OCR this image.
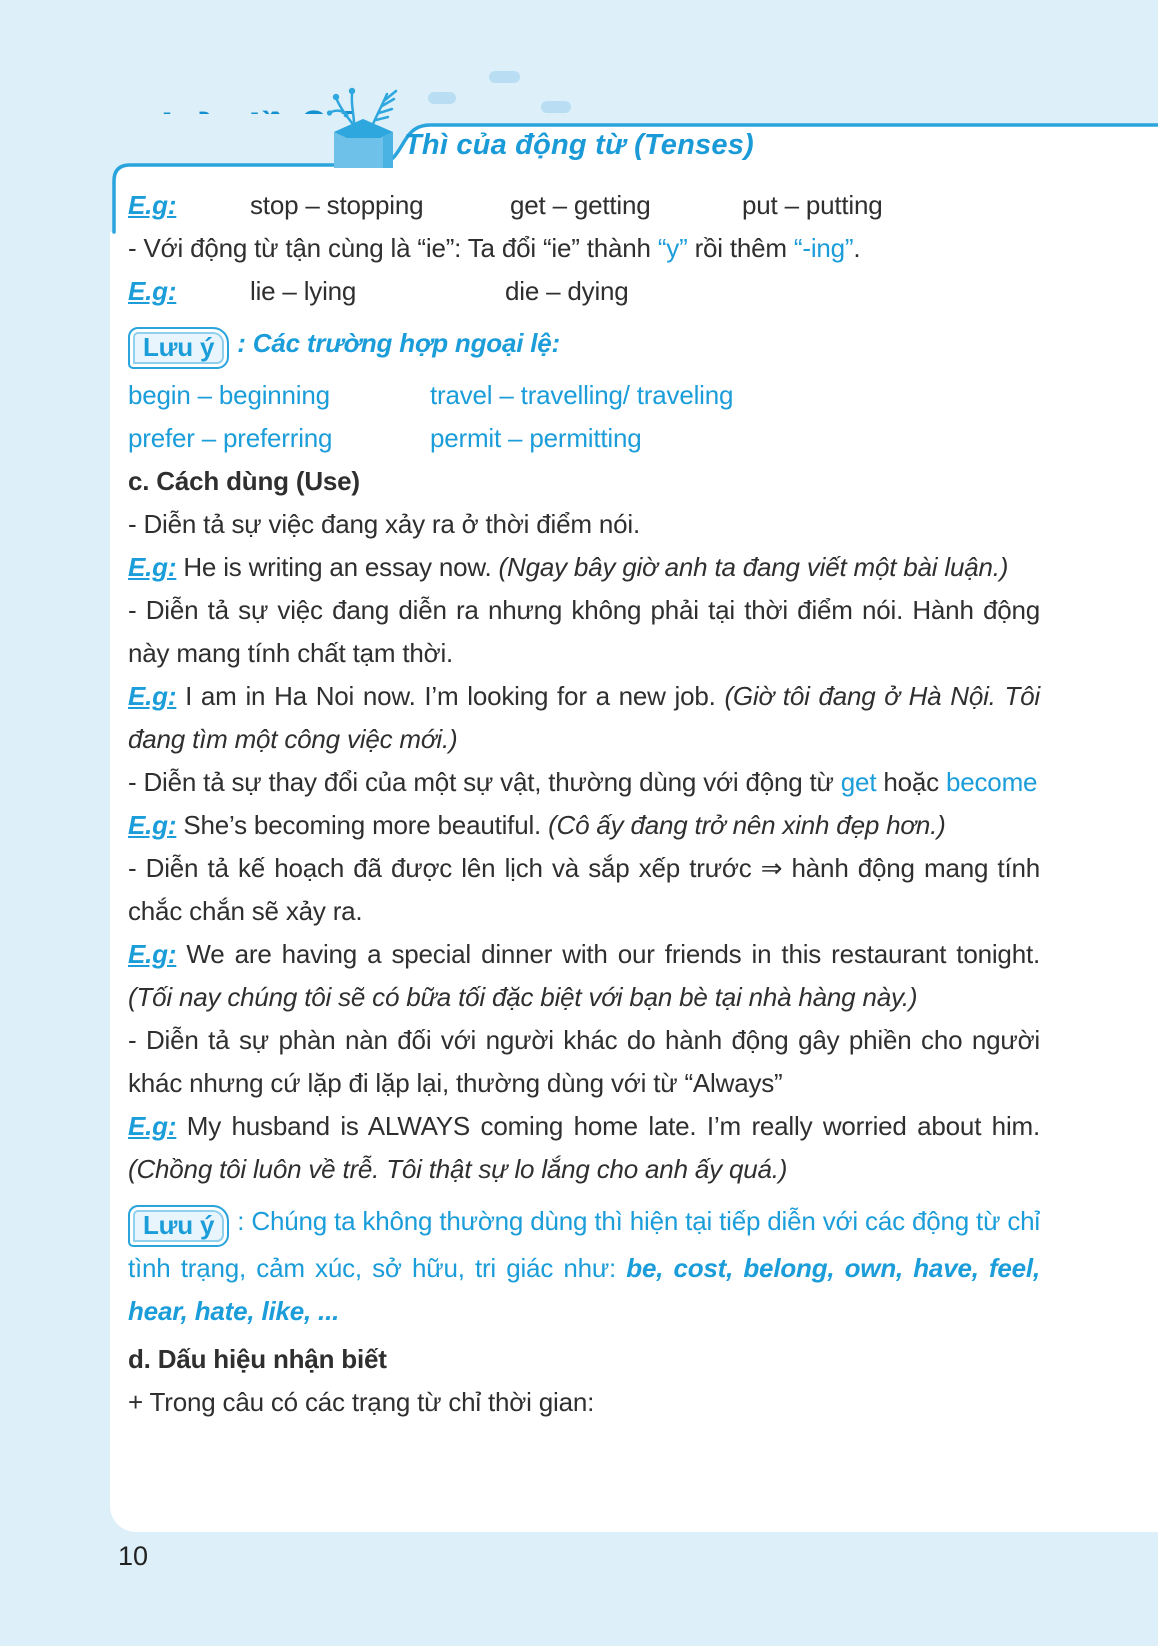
Thì của động từ (Tenses)

E.g:	stop – stopping	get – getting	put – putting

- Với động từ tận cùng là “ie”: Ta đổi “ie” thành “y” rồi thêm “-ing”.

E.g:	lie – lying	die – dying

Lưu ý : Các trường hợp ngoại lệ:

begin – beginning	travel – travelling/ traveling

prefer – preferring	permit – permitting

c. Cách dùng (Use)

- Diễn tả sự việc đang xảy ra ở thời điểm nói.

E.g: He is writing an essay now. (Ngay bây giờ anh ta đang viết một bài luận.)

- Diễn tả sự việc đang diễn ra nhưng không phải tại thời điểm nói. Hành động này mang tính chất tạm thời.

E.g: I am in Ha Noi now. I’m looking for a new job. (Giờ tôi đang ở Hà Nội. Tôi đang tìm một công việc mới.)

- Diễn tả sự thay đổi của một sự vật, thường dùng với động từ get hoặc become

E.g: She’s becoming more beautiful. (Cô ấy đang trở nên xinh đẹp hơn.)

- Diễn tả kế hoạch đã được lên lịch và sắp xếp trước ⇒ hành động mang tính chắc chắn sẽ xảy ra.

E.g: We are having a special dinner with our friends in this restaurant tonight. (Tối nay chúng tôi sẽ có bữa tối đặc biệt với bạn bè tại nhà hàng này.)

- Diễn tả sự phàn nàn đối với người khác do hành động gây phiền cho người khác nhưng cứ lặp đi lặp lại, thường dùng với từ “Always”

E.g: My husband is ALWAYS coming home late. I’m really worried about him. (Chồng tôi luôn về trễ. Tôi thật sự lo lắng cho anh ấy quá.)

Lưu ý : Chúng ta không thường dùng thì hiện tại tiếp diễn với các động từ chỉ tình trạng, cảm xúc, sở hữu, tri giác như: be, cost, belong, own, have, feel, hear, hate, like, ...

d. Dấu hiệu nhận biết

+ Trong câu có các trạng từ chỉ thời gian:

10
